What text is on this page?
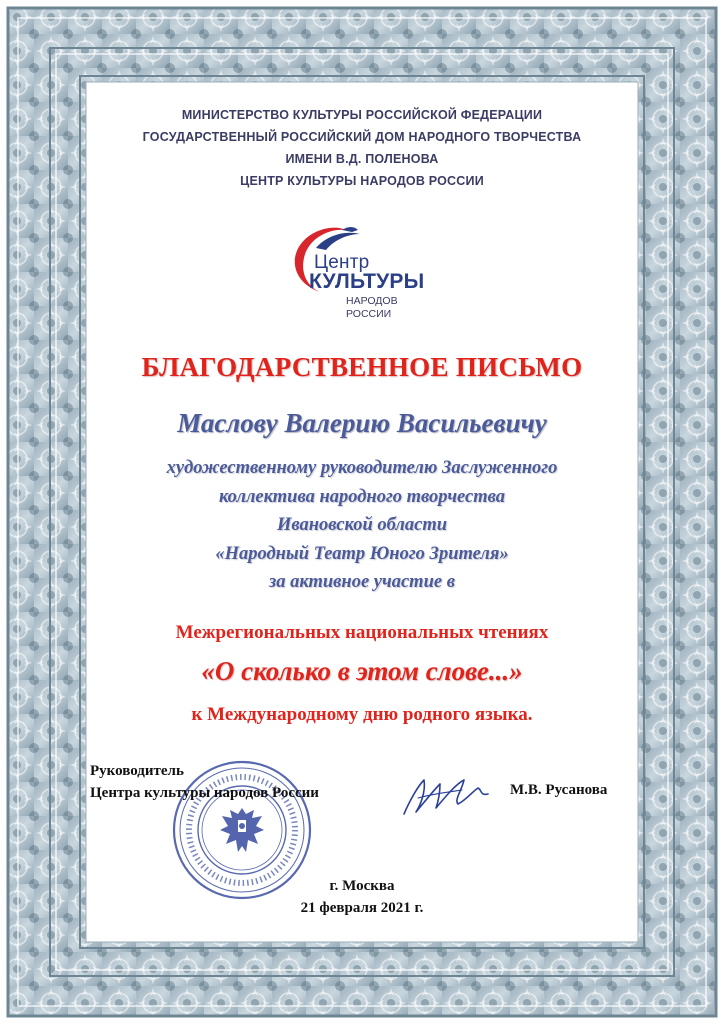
МИНИСТЕРСТВО КУЛЬТУРЫ РОССИЙСКОЙ ФЕДЕРАЦИИ
ГОСУДАРСТВЕННЫЙ РОССИЙСКИЙ ДОМ НАРОДНОГО ТВОРЧЕСТВА
ИМЕНИ В.Д. ПОЛЕНОВА
ЦЕНТР КУЛЬТУРЫ НАРОДОВ РОССИИ
Центр
КУЛЬТУРЫ
НАРОДОВ
РОССИИ
БЛАГОДАРСТВЕННОЕ ПИСЬМО
Маслову Валерию Васильевичу
художественному руководителю Заслуженного
коллектива народного творчества
Ивановской области
«Народный Театр Юного Зрителя»
за активное участие в
Межрегиональных национальных чтениях
«О сколько в этом слове...»
к Международному дню родного языка.
Руководитель
Центра культуры народов России	М.В. Русанова
г. Москва
21 февраля 2021 г.
